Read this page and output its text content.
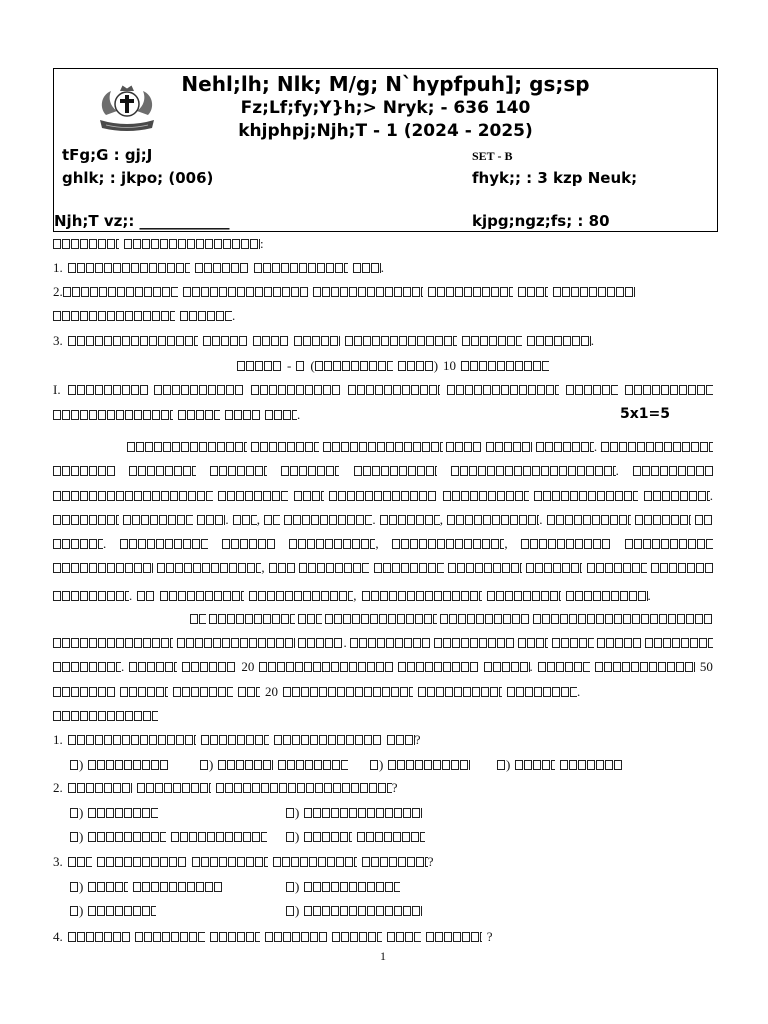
Nehl;lh; Nlk; M/g; N`hypfpuh]; gs;sp
Fz;Lf;fy;Y}h;> Nryk; - 636 140
khjphpj;Njh;T - 1 (2024 - 2025)
tFg;G : gj;J	SET - B
ghlk; : jkpo; (006)	fhyk;; : 3 kzp Neuk;
Njh;T vz;: ____________	kjpg;ngz;fs; : 80
5x1=5
1
:
1.	.
2.
.
3.	.
- (	) 10
I.
.
.
.
.
. ,	.	,	.
.	,	,
,
.	,	.
.
.	20	.	50
20	.
1.	?
)	)	)	)
2.	?
)	)
)	)
3.	?
)	)
)	)
4.	?
